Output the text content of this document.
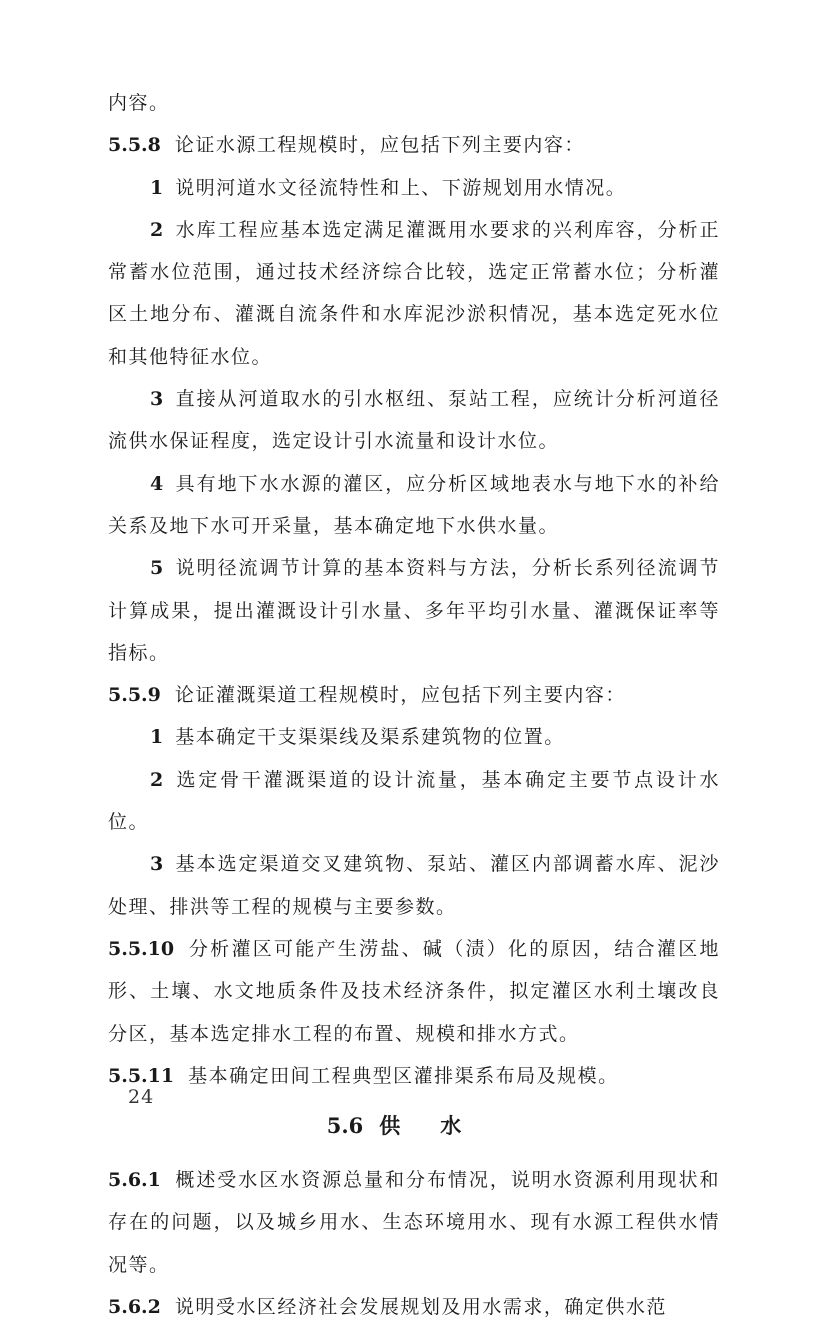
内容。

5.5.8 论证水源工程规模时，应包括下列主要内容：

1 说明河道水文径流特性和上、下游规划用水情况。

2 水库工程应基本选定满足灌溉用水要求的兴利库容，分析正常蓄水位范围，通过技术经济综合比较，选定正常蓄水位；分析灌区土地分布、灌溉自流条件和水库泥沙淤积情况，基本选定死水位和其他特征水位。

3 直接从河道取水的引水枢纽、泵站工程，应统计分析河道径流供水保证程度，选定设计引水流量和设计水位。

4 具有地下水水源的灌区，应分析区域地表水与地下水的补给关系及地下水可开采量，基本确定地下水供水量。

5 说明径流调节计算的基本资料与方法，分析长系列径流调节计算成果，提出灌溉设计引水量、多年平均引水量、灌溉保证率等指标。

5.5.9 论证灌溉渠道工程规模时，应包括下列主要内容：

1 基本确定干支渠渠线及渠系建筑物的位置。

2 选定骨干灌溉渠道的设计流量，基本确定主要节点设计水位。

3 基本选定渠道交叉建筑物、泵站、灌区内部调蓄水库、泥沙处理、排洪等工程的规模与主要参数。

5.5.10 分析灌区可能产生涝盐、碱（渍）化的原因，结合灌区地形、土壤、水文地质条件及技术经济条件，拟定灌区水利土壤改良分区，基本选定排水工程的布置、规模和排水方式。

5.5.11 基本确定田间工程典型区灌排渠系布局及规模。

5.6 供水

5.6.1 概述受水区水资源总量和分布情况，说明水资源利用现状和存在的问题，以及城乡用水、生态环境用水、现有水源工程供水情况等。

5.6.2 说明受水区经济社会发展规划及用水需求，确定供水范

24
